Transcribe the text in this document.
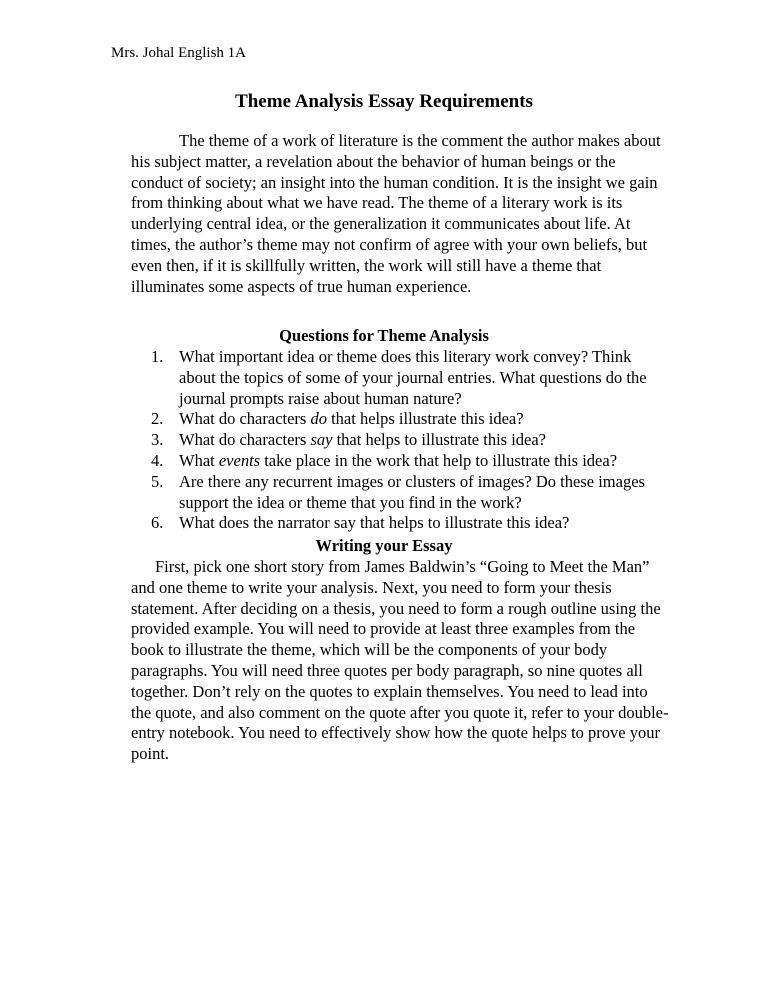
Mrs. Johal English 1A

Theme Analysis Essay Requirements

The theme of a work of literature is the comment the author makes about his subject matter, a revelation about the behavior of human beings or the conduct of society; an insight into the human condition. It is the insight we gain from thinking about what we have read. The theme of a literary work is its underlying central idea, or the generalization it communicates about life. At times, the author’s theme may not confirm of agree with your own beliefs, but even then, if it is skillfully written, the work will still have a theme that illuminates some aspects of true human experience.

Questions for Theme Analysis
1. What important idea or theme does this literary work convey? Think about the topics of some of your journal entries. What questions do the journal prompts raise about human nature?
2. What do characters do that helps illustrate this idea?
3. What do characters say that helps to illustrate this idea?
4. What events take place in the work that help to illustrate this idea?
5. Are there any recurrent images or clusters of images? Do these images support the idea or theme that you find in the work?
6. What does the narrator say that helps to illustrate this idea?
Writing your Essay

First, pick one short story from James Baldwin’s “Going to Meet the Man” and one theme to write your analysis. Next, you need to form your thesis statement. After deciding on a thesis, you need to form a rough outline using the provided example. You will need to provide at least three examples from the book to illustrate the theme, which will be the components of your body paragraphs. You will need three quotes per body paragraph, so nine quotes all together. Don’t rely on the quotes to explain themselves. You need to lead into the quote, and also comment on the quote after you quote it, refer to your double-entry notebook. You need to effectively show how the quote helps to prove your point.
